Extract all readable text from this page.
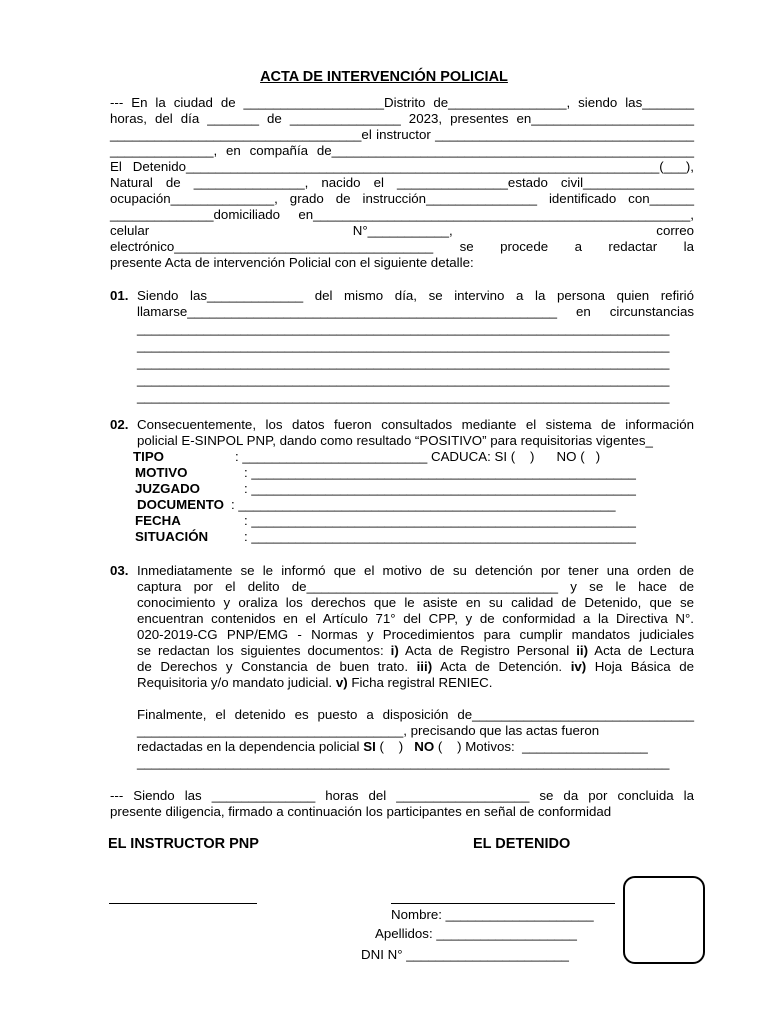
ACTA DE INTERVENCIÓN POLICIAL
--- En la ciudad de ___________________Distrito de________________, siendo las_______
horas, del día _______ de _______________ 2023, presentes en______________________
__________________________________el instructor ___________________________________
______________, en compañía de_________________________________________________
El Detenido________________________________________________________________(___),
Natural de _______________, nacido el _______________estado civil_______________
ocupación______________, grado de instrucción_______________ identificado con______
______________domiciliado en___________________________________________________,
celular N°___________, correo
electrónico___________________________________ se procede a redactar la
presente Acta de intervención Policial con el siguiente detalle:
01. Siendo las_____________ del mismo día, se intervino a la persona quien refirió
llamarse__________________________________________________ en circunstancias
________________________________________________________________________
________________________________________________________________________
________________________________________________________________________
________________________________________________________________________
________________________________________________________________________
02. Consecuentemente, los datos fueron consultados mediante el sistema de información
policial E-SINPOL PNP, dando como resultado “POSITIVO” para requisitorias vigentes_
TIPO	: _________________________ CADUCA: SI (    )      NO (   )
MOTIVO	: ____________________________________________________
JUZGADO	: ____________________________________________________
DOCUMENTO : ___________________________________________________
FECHA	: ____________________________________________________
SITUACIÓN	: ____________________________________________________
03. Inmediatamente se le informó que el motivo de su detención por tener una orden de
captura por el delito de__________________________________ y se le hace de
conocimiento y oraliza los derechos que le asiste en su calidad de Detenido, que se
encuentran contenidos en el Artículo 71° del CPP, y de conformidad a la Directiva N°.
020-2019-CG PNP/EMG - Normas y Procedimientos para cumplir mandatos judiciales
se redactan los siguientes documentos: i) Acta de Registro Personal ii) Acta de Lectura
de Derechos y Constancia de buen trato. iii) Acta de Detención. iv) Hoja Básica de
Requisitoria y/o mandato judicial. v) Ficha registral RENIEC.
Finalmente, el detenido es puesto a disposición de______________________________
____________________________________, precisando que las actas fueron
redactadas en la dependencia policial SI (    )   NO (    ) Motivos:  _________________
________________________________________________________________________
--- Siendo las ______________ horas del __________________ se da por concluida la
presente diligencia, firmado a continuación los participantes en señal de conformidad
EL INSTRUCTOR PNP	EL DETENIDO
Nombre: ____________________
Apellidos: ___________________
DNI N° ______________________
